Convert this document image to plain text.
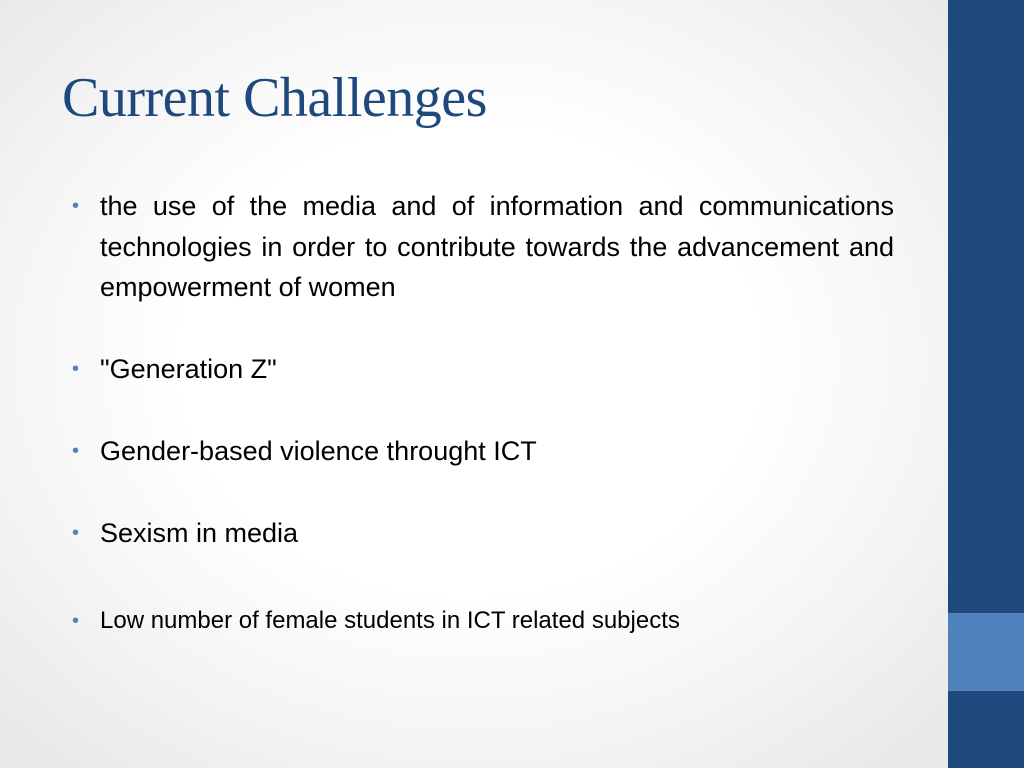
Current Challenges
• the use of the media and of information and communications technologies in order to contribute towards the advancement and empowerment of women
• "Generation Z"
• Gender-based violence throught ICT
• Sexism in media
• Low number of female students in ICT related subjects
